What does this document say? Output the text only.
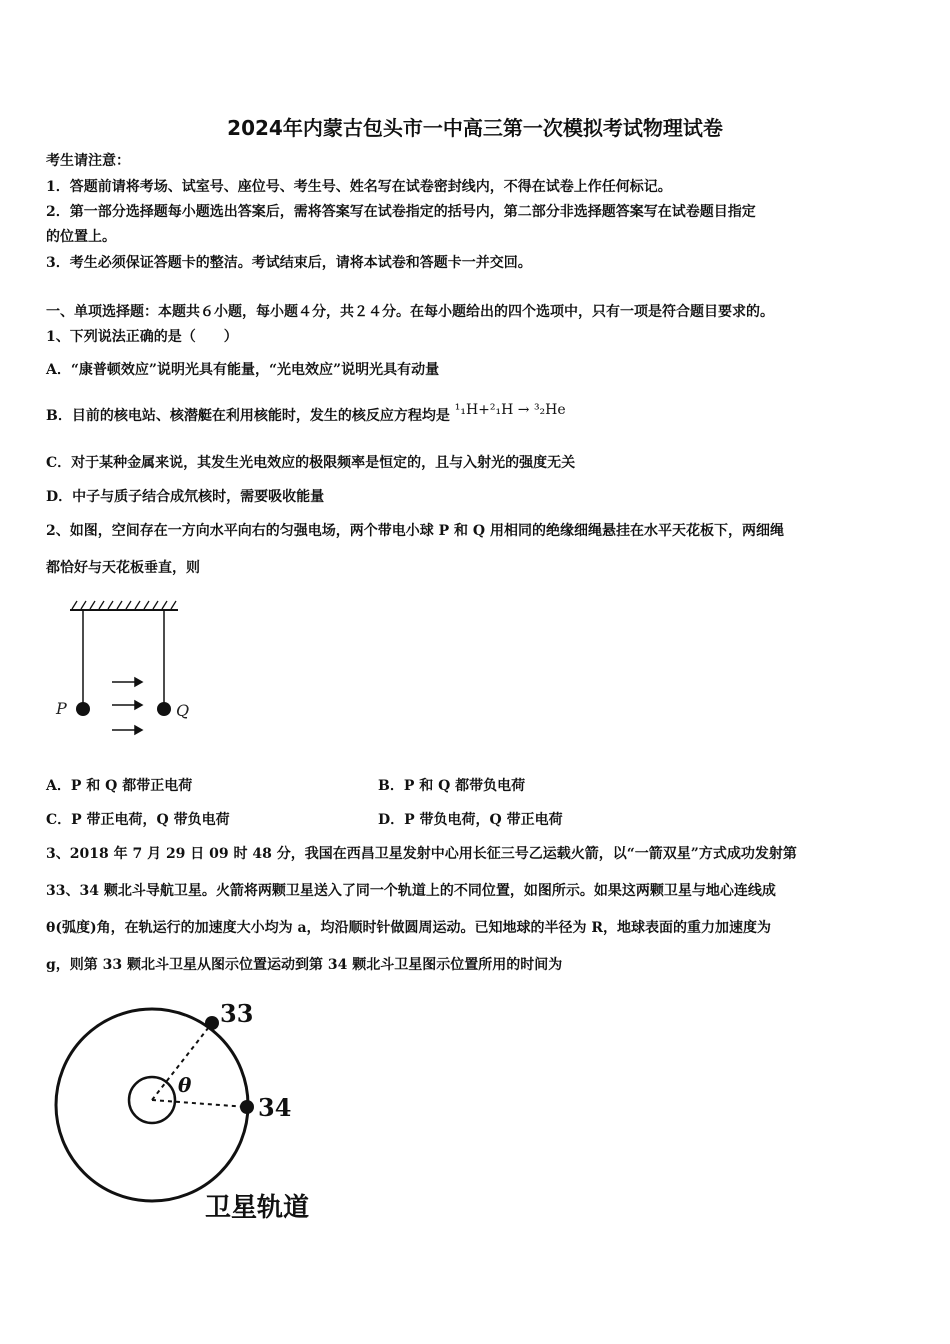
2024年内蒙古包头市一中高三第一次模拟考试物理试卷
考生请注意：
1．答题前请将考场、试室号、座位号、考生号、姓名写在试卷密封线内，不得在试卷上作任何标记。
2．第一部分选择题每小题选出答案后，需将答案写在试卷指定的括号内，第二部分非选择题答案写在试卷题目指定
的位置上。
3．考生必须保证答题卡的整洁。考试结束后，请将本试卷和答题卡一并交回。
一、单项选择题：本题共６小题，每小题４分，共２４分。在每小题给出的四个选项中，只有一项是符合题目要求的。
1、下列说法正确的是（　　）
A．“康普顿效应”说明光具有能量，“光电效应”说明光具有动量
B．目前的核电站、核潜艇在利用核能时，发生的核反应方程均是 ¹₁H+²₁H → ³₂He
C．对于某种金属来说，其发生光电效应的极限频率是恒定的，且与入射光的强度无关
D．中子与质子结合成氘核时，需要吸收能量
2、如图，空间存在一方向水平向右的匀强电场，两个带电小球 P 和 Q 用相同的绝缘细绳悬挂在水平天花板下，两细绳
都恰好与天花板垂直，则
P	Q
A．P 和 Q 都带正电荷	B．P 和 Q 都带负电荷
C．P 带正电荷，Q 带负电荷	D．P 带负电荷，Q 带正电荷
3、2018 年 7 月 29 日 09 时 48 分，我国在西昌卫星发射中心用长征三号乙运载火箭，以“一箭双星”方式成功发射第
33、34 颗北斗导航卫星。火箭将两颗卫星送入了同一个轨道上的不同位置，如图所示。如果这两颗卫星与地心连线成
θ(弧度)角，在轨运行的加速度大小均为 a，均沿顺时针做圆周运动。已知地球的半径为 R，地球表面的重力加速度为
g，则第 33 颗北斗卫星从图示位置运动到第 34 颗北斗卫星图示位置所用的时间为
33
34
θ
卫星轨道
